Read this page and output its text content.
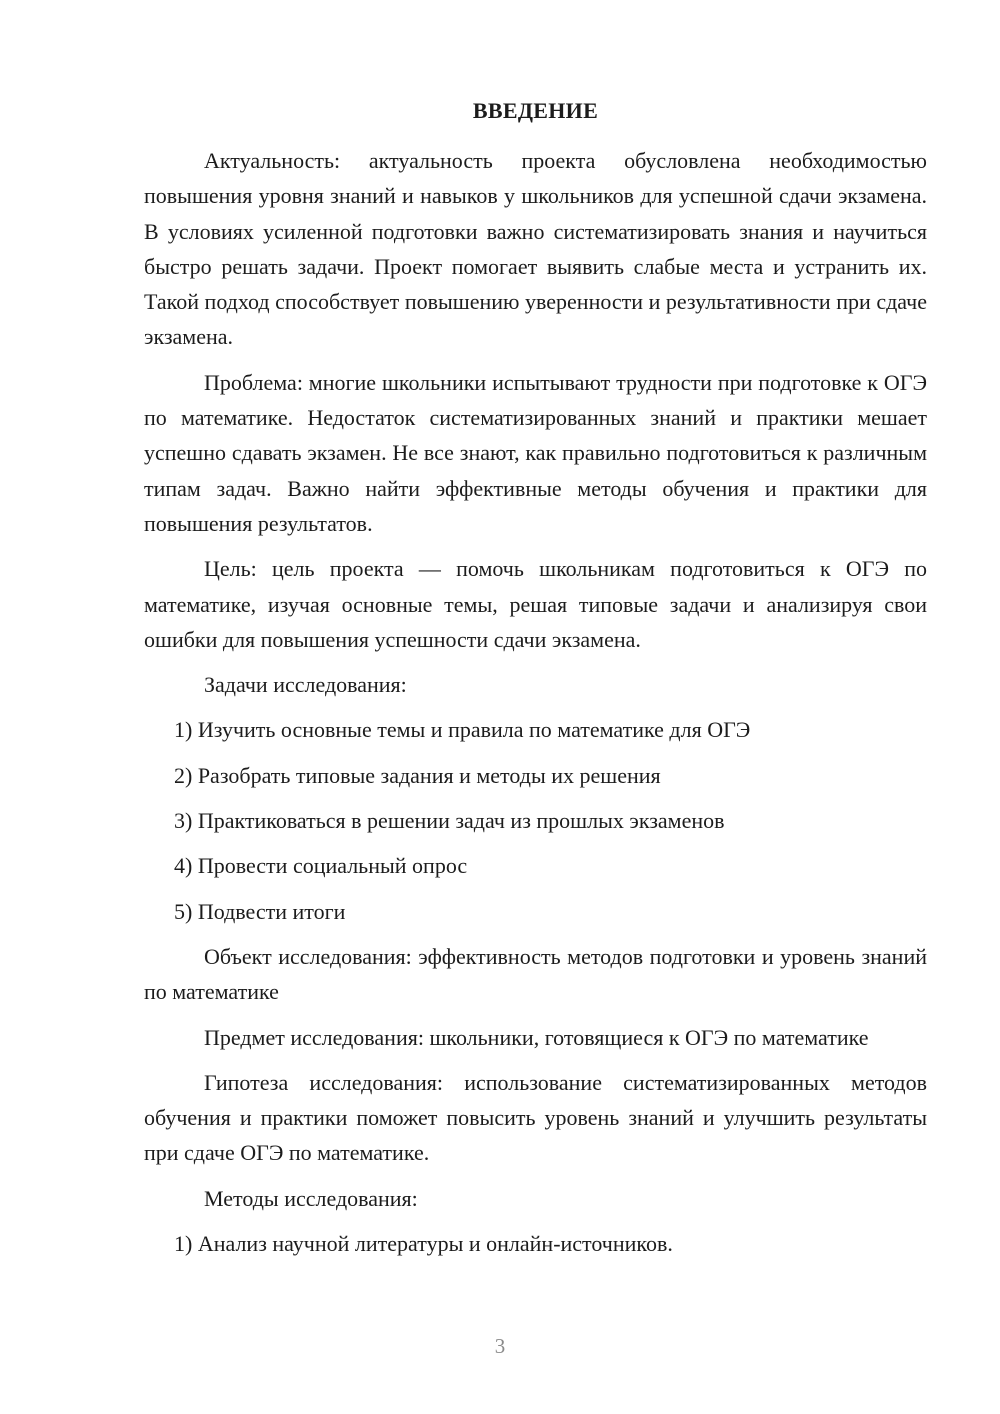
ВВЕДЕНИЕ

Актуальность: актуальность проекта обусловлена необходимостью повышения уровня знаний и навыков у школьников для успешной сдачи экзамена. В условиях усиленной подготовки важно систематизировать знания и научиться быстро решать задачи. Проект помогает выявить слабые места и устранить их. Такой подход способствует повышению уверенности и результативности при сдаче экзамена.

Проблема: многие школьники испытывают трудности при подготовке к ОГЭ по математике. Недостаток систематизированных знаний и практики мешает успешно сдавать экзамен. Не все знают, как правильно подготовиться к различным типам задач. Важно найти эффективные методы обучения и практики для повышения результатов.

Цель: цель проекта — помочь школьникам подготовиться к ОГЭ по математике, изучая основные темы, решая типовые задачи и анализируя свои ошибки для повышения успешности сдачи экзамена.

Задачи исследования:

1) Изучить основные темы и правила по математике для ОГЭ

2) Разобрать типовые задания и методы их решения

3) Практиковаться в решении задач из прошлых экзаменов

4) Провести социальный опрос

5) Подвести итоги

Объект исследования: эффективность методов подготовки и уровень знаний по математике

Предмет исследования: школьники, готовящиеся к ОГЭ по математике

Гипотеза исследования: использование систематизированных методов обучения и практики поможет повысить уровень знаний и улучшить результаты при сдаче ОГЭ по математике.

Методы исследования:

1) Анализ научной литературы и онлайн-источников.

3
